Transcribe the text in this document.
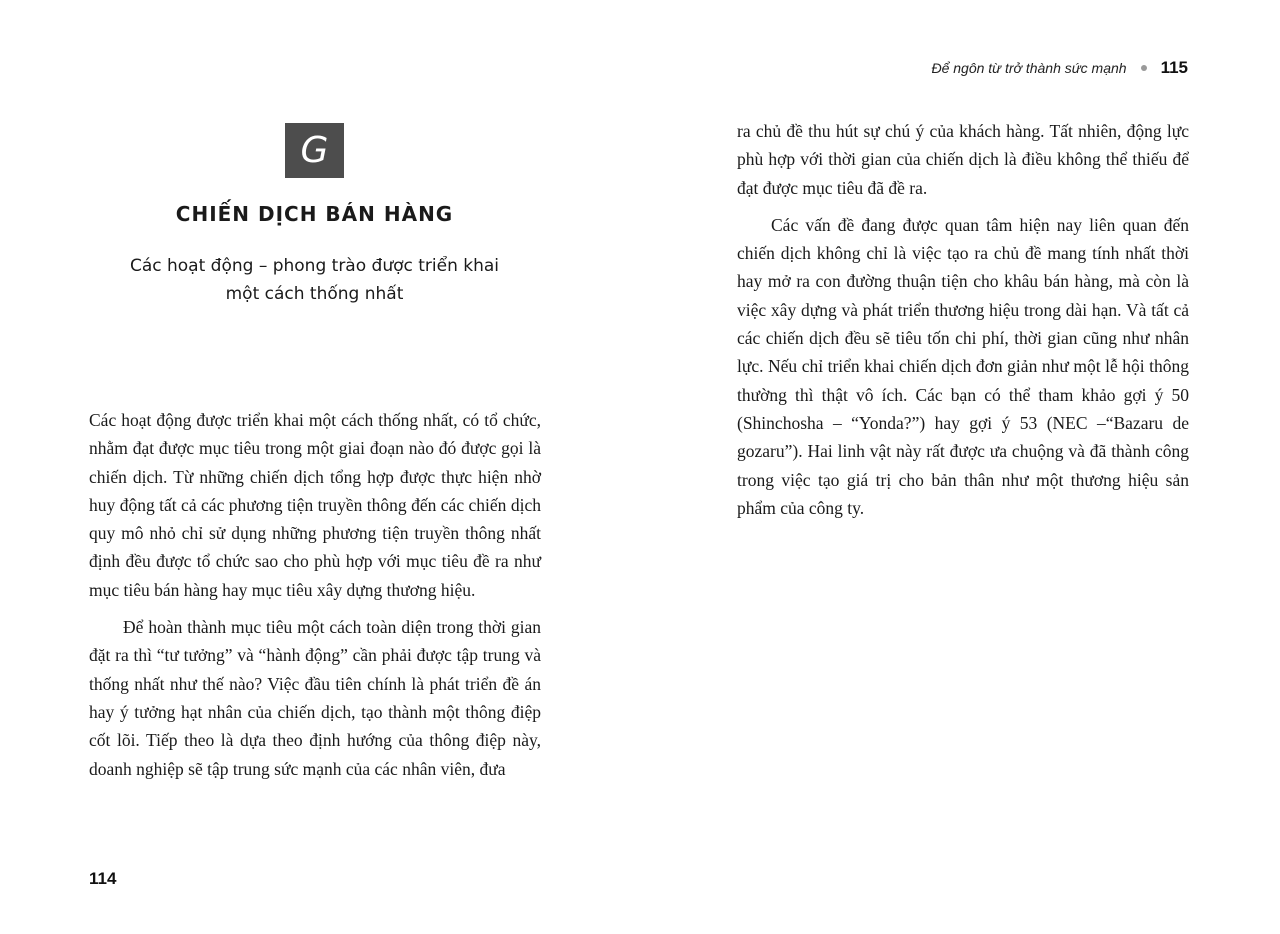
G
CHIẾN DỊCH BÁN HÀNG
Các hoạt động – phong trào được triển khai
một cách thống nhất

Các hoạt động được triển khai một cách thống nhất, có tổ chức, nhằm đạt được mục tiêu trong một giai đoạn nào đó được gọi là chiến dịch. Từ những chiến dịch tổng hợp được thực hiện nhờ huy động tất cả các phương tiện truyền thông đến các chiến dịch quy mô nhỏ chỉ sử dụng những phương tiện truyền thông nhất định đều được tổ chức sao cho phù hợp với mục tiêu đề ra như mục tiêu bán hàng hay mục tiêu xây dựng thương hiệu.

Để hoàn thành mục tiêu một cách toàn diện trong thời gian đặt ra thì “tư tưởng” và “hành động” cần phải được tập trung và thống nhất như thế nào? Việc đầu tiên chính là phát triển đề án hay ý tưởng hạt nhân của chiến dịch, tạo thành một thông điệp cốt lõi. Tiếp theo là dựa theo định hướng của thông điệp này, doanh nghiệp sẽ tập trung sức mạnh của các nhân viên, đưa

114
Để ngôn từ trở thành sức mạnh 115

ra chủ đề thu hút sự chú ý của khách hàng. Tất nhiên, động lực phù hợp với thời gian của chiến dịch là điều không thể thiếu để đạt được mục tiêu đã đề ra.

Các vấn đề đang được quan tâm hiện nay liên quan đến chiến dịch không chỉ là việc tạo ra chủ đề mang tính nhất thời hay mở ra con đường thuận tiện cho khâu bán hàng, mà còn là việc xây dựng và phát triển thương hiệu trong dài hạn. Và tất cả các chiến dịch đều sẽ tiêu tốn chi phí, thời gian cũng như nhân lực. Nếu chỉ triển khai chiến dịch đơn giản như một lễ hội thông thường thì thật vô ích. Các bạn có thể tham khảo gợi ý 50 (Shinchosha – “Yonda?”) hay gợi ý 53 (NEC –“Bazaru de gozaru”). Hai linh vật này rất được ưa chuộng và đã thành công trong việc tạo giá trị cho bản thân như một thương hiệu sản phẩm của công ty.
